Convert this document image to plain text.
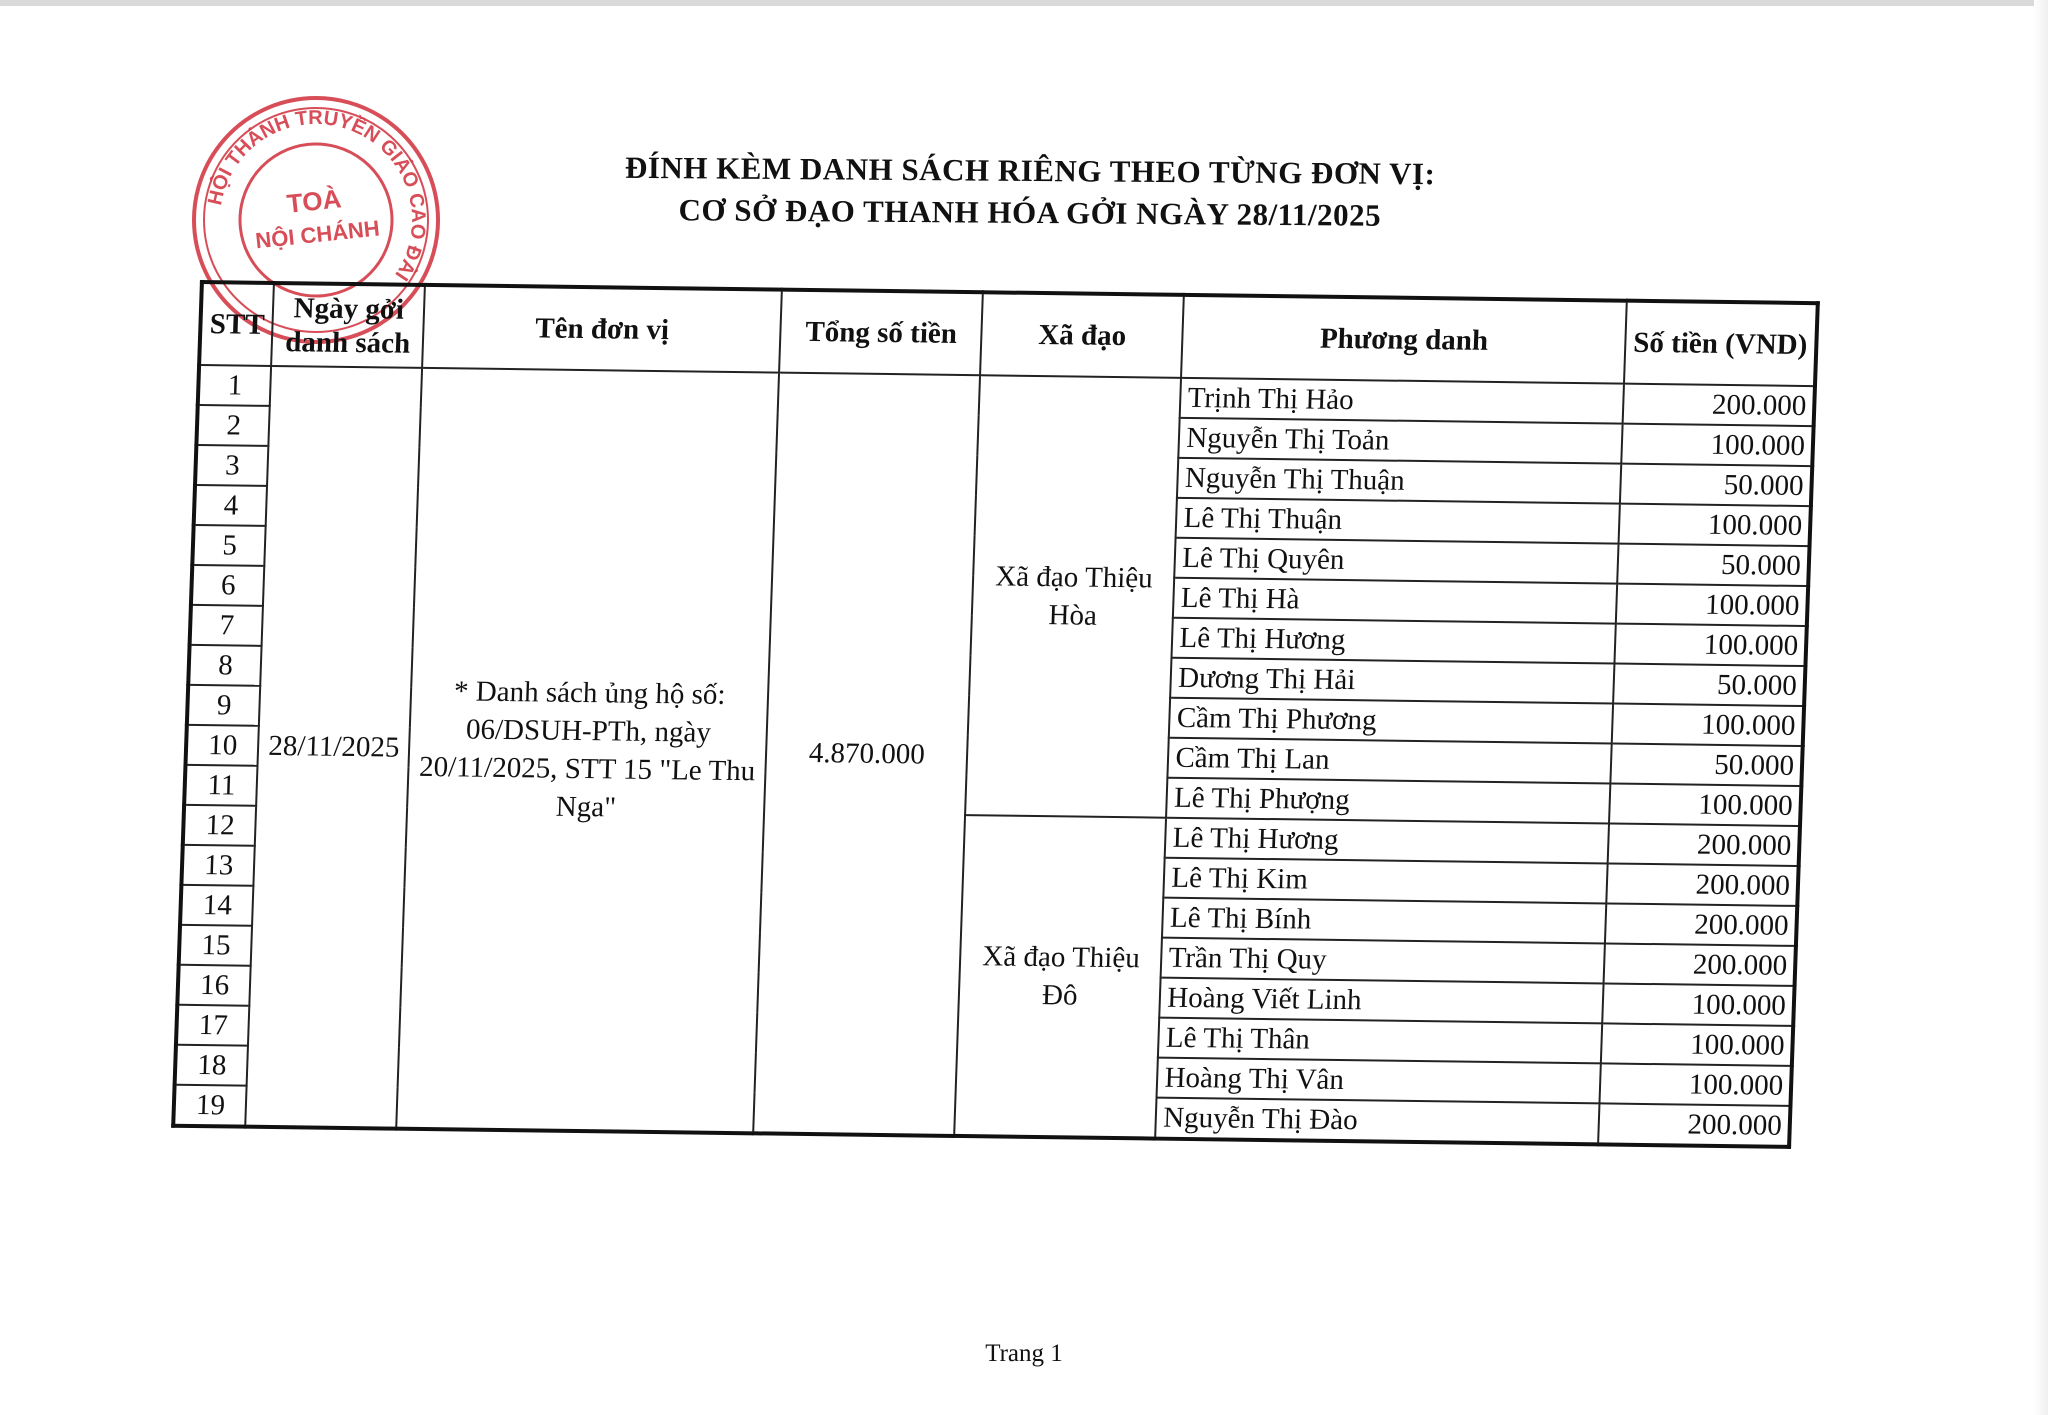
HỘI THÁNH TRUYỀN GIÁO CAO ĐÀI
TOÀ
NỘI CHÁNH
ĐÍNH KÈM DANH SÁCH RIÊNG THEO TỪNG ĐƠN VỊ:
CƠ SỞ ĐẠO THANH HÓA GỞI NGÀY 28/11/2025
STT	Ngày gởi danh sách	Tên đơn vị	Tổng số tiền	Xã đạo	Phương danh	Số tiền (VND)
1	28/11/2025	* Danh sách ủng hộ số: 06/DSUH-PTh, ngày 20/11/2025, STT 15 "Le Thu Nga"	4.870.000	Xã đạo Thiệu Hòa	Trịnh Thị Hảo	200.000
2					Nguyễn Thị Toản	100.000
3					Nguyễn Thị Thuận	50.000
4					Lê Thị Thuận	100.000
5					Lê Thị Quyên	50.000
6					Lê Thị Hà	100.000
7					Lê Thị Hương	100.000
8					Dương Thị Hải	50.000
9					Cầm Thị Phương	100.000
10					Cầm Thị Lan	50.000
11					Lê Thị Phượng	100.000
12				Xã đạo Thiệu Đô	Lê Thị Hương	200.000
13					Lê Thị Kim	200.000
14					Lê Thị Bính	200.000
15					Trần Thị Quy	200.000
16					Hoàng Viết Linh	100.000
17					Lê Thị Thân	100.000
18					Hoàng Thị Vân	100.000
19					Nguyễn Thị Đào	200.000
Trang 1
